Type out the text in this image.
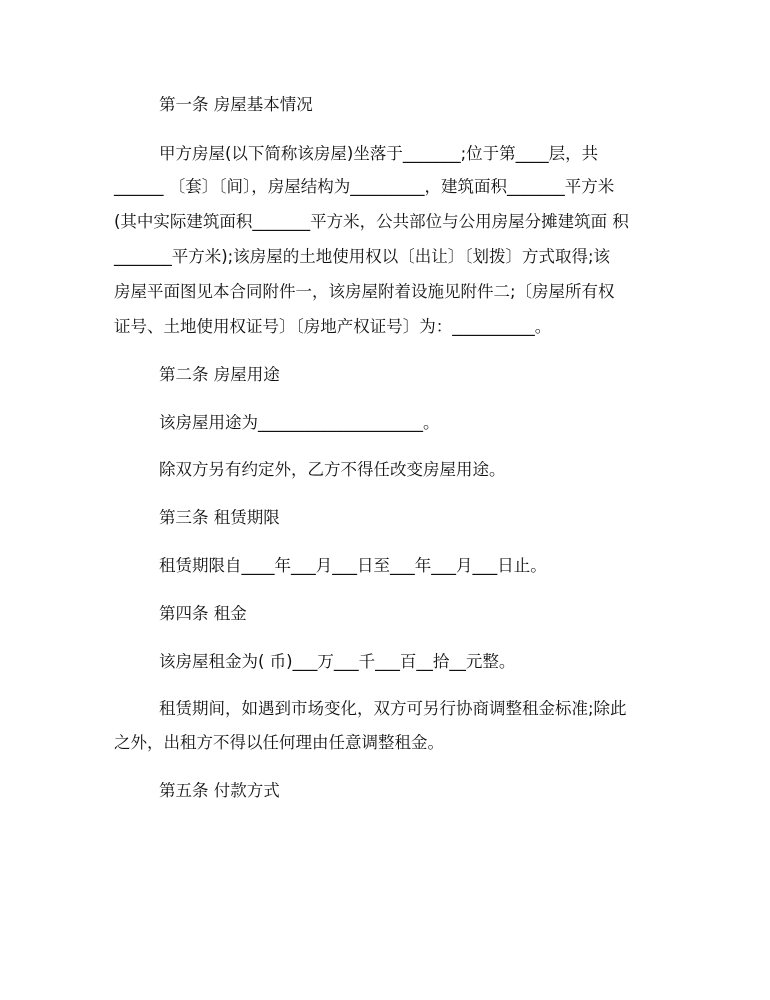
第一条 房屋基本情况
甲方房屋(以下简称该房屋)坐落于_______;位于第____层，共
______ 〔套〕〔间〕，房屋结构为_________，建筑面积_______平方米
(其中实际建筑面积_______平方米，公共部位与公用房屋分摊建筑面 积
_______平方米);该房屋的土地使用权以〔出让〕〔划拨〕方式取得;该
房屋平面图见本合同附件一，该房屋附着设施见附件二;〔房屋所有权
证号、土地使用权证号〕〔房地产权证号〕为：__________。
第二条 房屋用途
该房屋用途为____________________。
除双方另有约定外，乙方不得任改变房屋用途。
第三条 租赁期限
租赁期限自____年___月___日至___年___月___日止。
第四条 租金
该房屋租金为( 币)___万___千___百__拾__元整。
租赁期间，如遇到市场变化，双方可另行协商调整租金标准;除此
之外，出租方不得以任何理由任意调整租金。
第五条 付款方式
